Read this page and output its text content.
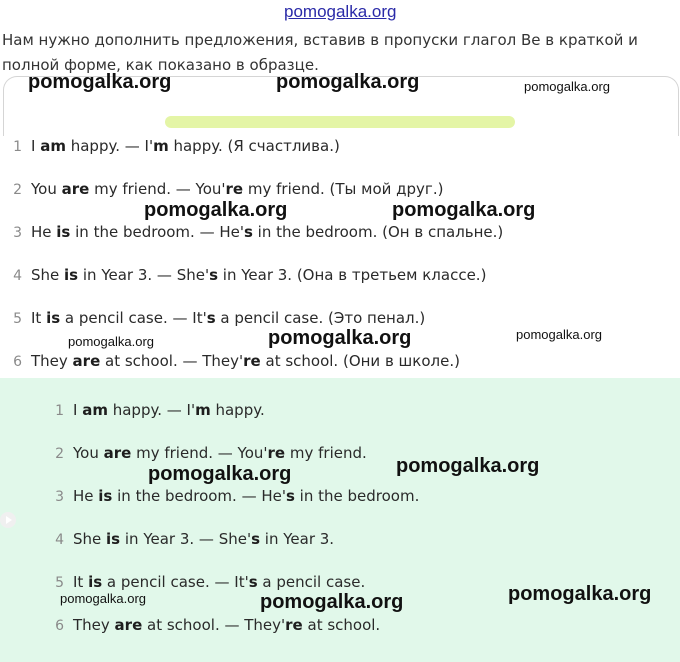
pomogalka.org

Нам нужно дополнить предложения, вставив в пропуски глагол Be в краткой и полной форме, как показано в образце.

1 I am happy. — I'm happy. (Я счастлива.)
2 You are my friend. — You're my friend. (Ты мой друг.)
3 He is in the bedroom. — He's in the bedroom. (Он в спальне.)
4 She is in Year 3. — She's in Year 3. (Она в третьем классе.)
5 It is a pencil case. — It's a pencil case. (Это пенал.)
6 They are at school. — They're at school. (Они в школе.)
1 I am happy. — I'm happy.
2 You are my friend. — You're my friend.
3 He is in the bedroom. — He's in the bedroom.
4 She is in Year 3. — She's in Year 3.
5 It is a pencil case. — It's a pencil case.
6 They are at school. — They're at school.
pomogalka.org	pomogalka.org	pomogalka.org
pomogalka.org	pomogalka.org
pomogalka.org	pomogalka.org	pomogalka.org
pomogalka.org	pomogalka.org
pomogalka.org	pomogalka.org	pomogalka.org
